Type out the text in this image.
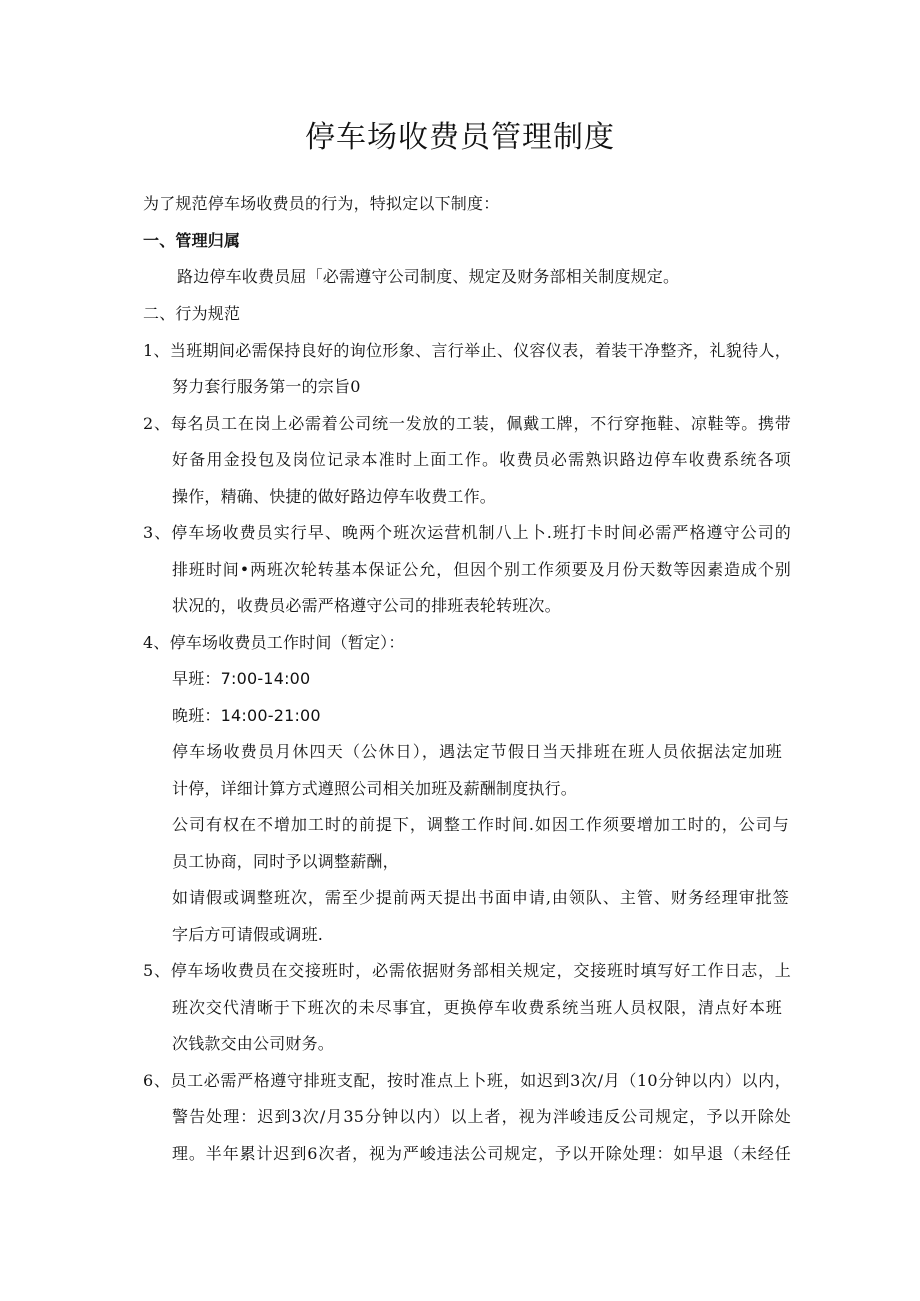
停车场收费员管理制度
为了规范停车场收费员的行为，特拟定以下制度：
一、管理归属
路边停车收费员屈「必需遵守公司制度、规定及财务部相关制度规定。
二、行为规范
1、当班期间必需保持良好的询位形象、言行举止、仪容仪表，着装干净整齐，礼貌待人，
努力套行服务第一的宗旨0
2、每名员工在岗上必需着公司统一发放的工装，佩戴工牌，不行穿拖鞋、凉鞋等。携带
好备用金投包及岗位记录本准时上面工作。收费员必需熟识路边停车收费系统各项
操作，精确、快捷的做好路边停车收费工作。
3、停车场收费员实行早、晚两个班次运营机制八上卜.班打卡时间必需严格遵守公司的
排班时间•两班次轮转基本保证公允，但因个别工作须要及月份天数等因素造成个别
状况的，收费员必需严格遵守公司的排班表轮转班次。
4、停车场收费员工作时间（暂定）：
早班：7:00-14:00
晚班：14:00-21:00
停车场收费员月休四天（公休日），遇法定节假日当天排班在班人员依据法定加班
计停，详细计算方式遵照公司相关加班及薪酬制度执行。
公司有权在不增加工时的前提下，调整工作时间.如因工作须要增加工时的，公司与
员工协商，同时予以调整薪酬，
如请假或调整班次，需至少提前两天提出书面申请,由领队、主管、财务经理审批签
字后方可请假或调班.
5、停车场收费员在交接班时，必需依据财务部相关规定，交接班时填写好工作日志，上
班次交代清晰于下班次的未尽事宜，更换停车收费系统当班人员权限，清点好本班
次钱款交由公司财务。
6、员工必需严格遵守排班支配，按时准点上卜班，如迟到3次/月（10分钟以内）以内，
警告处理：迟到3次/月35分钟以内）以上者，视为泮峻违反公司规定，予以开除处
理。半年累计迟到6次者，视为严峻违法公司规定，予以开除处理：如早退（未经任
